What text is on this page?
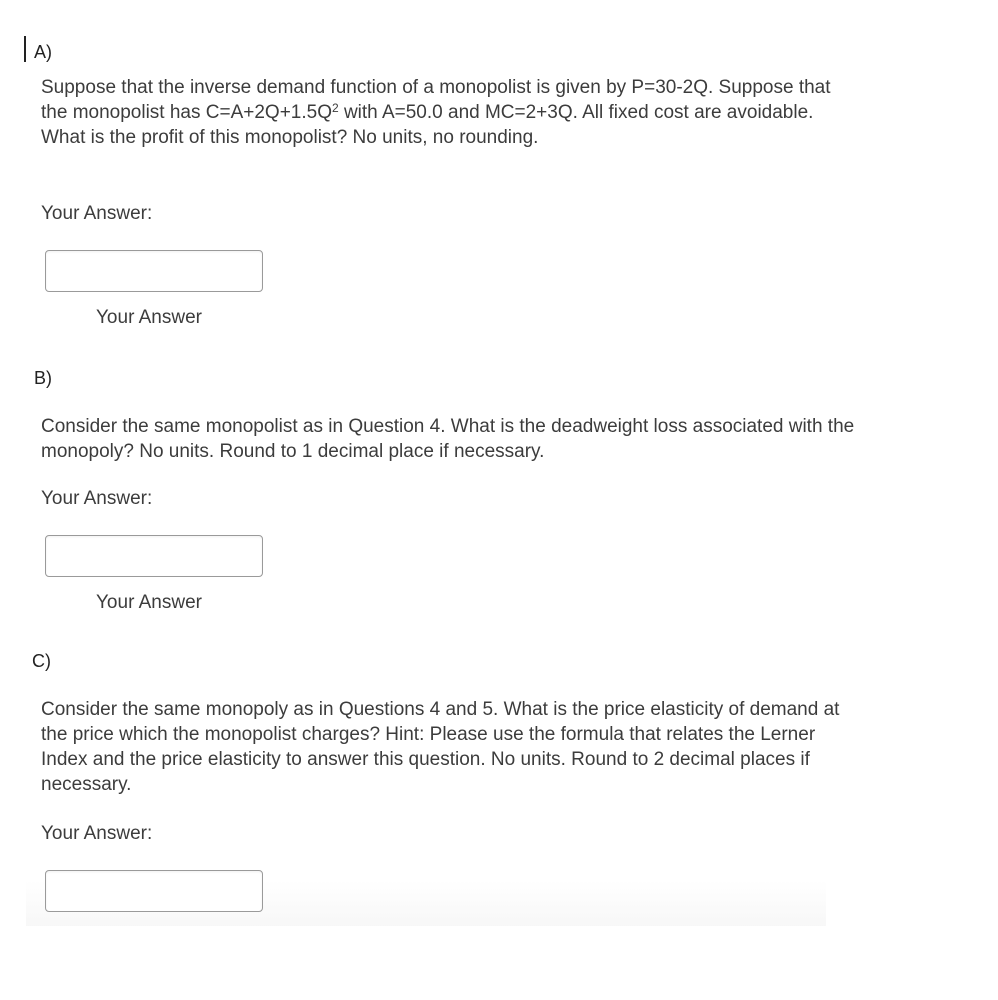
A)
Suppose that the inverse demand function of a monopolist is given by P=30-2Q. Suppose that the monopolist has $C=A+2Q+1.5Q^2$ with A=50.0 and MC=2+3Q. All fixed cost are avoidable. What is the profit of this monopolist? No units, no rounding.
Your Answer:
Your Answer
B)
Consider the same monopolist as in Question 4. What is the deadweight loss associated with the monopoly? No units. Round to 1 decimal place if necessary.
Your Answer:
Your Answer
C)
Consider the same monopoly as in Questions 4 and 5. What is the price elasticity of demand at the price which the monopolist charges? Hint: Please use the formula that relates the Lerner Index and the price elasticity to answer this question. No units. Round to 2 decimal places if necessary.
Your Answer:
